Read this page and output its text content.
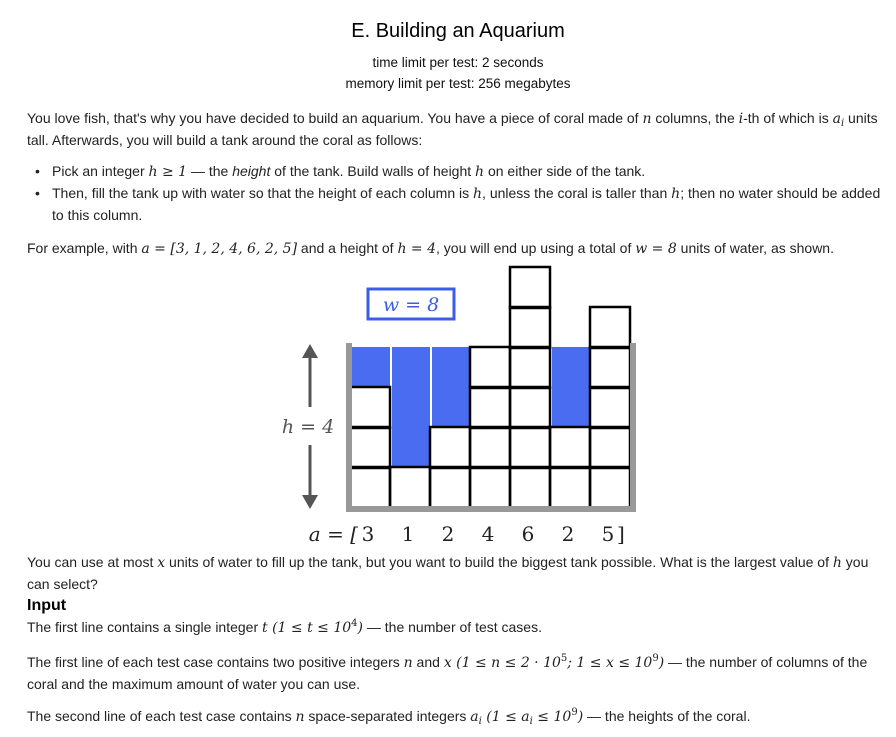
E. Building an Aquarium
time limit per test: 2 seconds
memory limit per test: 256 megabytes

You love fish, that's why you have decided to build an aquarium. You have a piece of coral made of n columns, the i-th of which is $a_i$ units tall. Afterwards, you will build a tank around the coral as follows:

• Pick an integer h ≥ 1 — the height of the tank. Build walls of height h on either side of the tank.
• Then, fill the tank up with water so that the height of each column is h, unless the coral is taller than h; then no water should be added to this column.

For example, with a = [3, 1, 2, 4, 6, 2, 5] and a height of h = 4, you will end up using a total of w = 8 units of water, as shown.

w = 8
h = 4
a = [ 3 1 2 4 6 2 5 ]

You can use at most x units of water to fill up the tank, but you want to build the biggest tank possible. What is the largest value of h you can select?

Input

The first line contains a single integer t $(1 \le t \le 10^4)$ — the number of test cases.

The first line of each test case contains two positive integers n and x ($1 \le n \le 2 \cdot 10^5$; $1 \le x \le 10^9$) — the number of columns of the coral and the maximum amount of water you can use.

The second line of each test case contains n space-separated integers $a_i$ $(1 \le a_i \le 10^9)$ — the heights of the coral.
